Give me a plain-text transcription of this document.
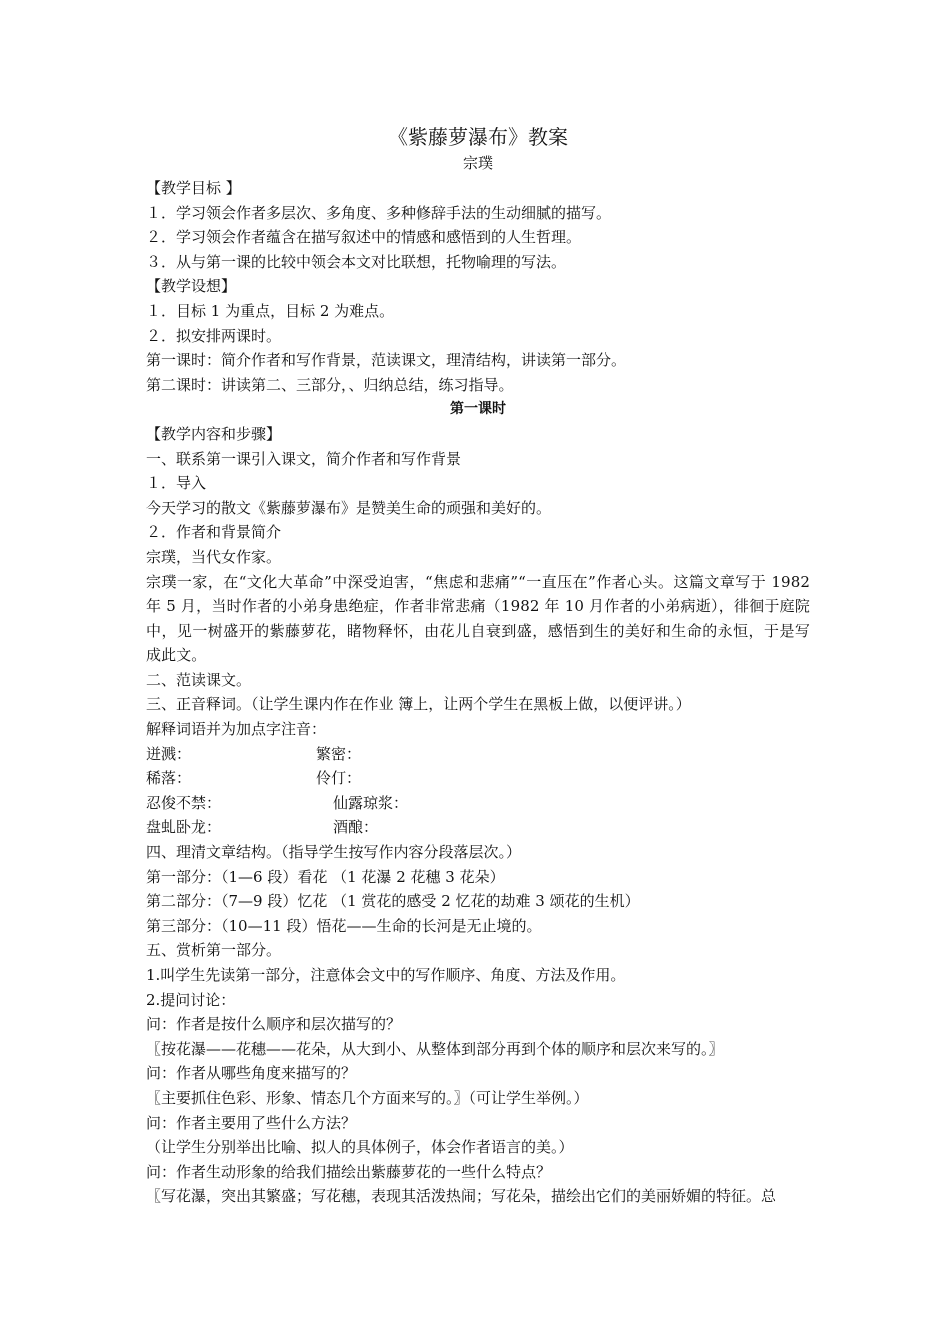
《紫藤萝瀑布》教案
宗璞
【教学目标 】
１．学习领会作者多层次、多角度、多种修辞手法的生动细腻的描写。
２．学习领会作者蕴含在描写叙述中的情感和感悟到的人生哲理。
３．从与第一课的比较中领会本文对比联想，托物喻理的写法。
【教学设想】
１．目标 1 为重点，目标 2 为难点。
２．拟安排两课时。
第一课时：简介作者和写作背景，范读课文，理清结构，讲读第一部分。
第二课时：讲读第二、三部分，、归纳总结，练习指导。
第一课时
【教学内容和步骤】
一、联系第一课引入课文，简介作者和写作背景
１．导入
今天学习的散文《紫藤萝瀑布》是赞美生命的顽强和美好的。
２．作者和背景简介
宗璞，当代女作家。
宗璞一家，在“文化大革命”中深受迫害，“焦虑和悲痛”“一直压在”作者心头。这篇文章写于 1982 年 5 月，当时作者的小弟身患绝症，作者非常悲痛（1982 年 10 月作者的小弟病逝），徘徊于庭院中，见一树盛开的紫藤萝花，睹物释怀，由花儿自衰到盛，感悟到生的美好和生命的永恒，于是写成此文。
二、范读课文。
三、正音释词。（让学生课内作在作业 簿上，让两个学生在黑板上做，以便评讲。）
解释词语并为加点字注音：
迸溅：	繁密：
稀落：	伶仃：
忍俊不禁：	仙露琼浆：
盘虬卧龙：	酒酿：
四、理清文章结构。（指导学生按写作内容分段落层次。）
第一部分：（1—6 段）看花 （1 花瀑 2 花穗 3 花朵）
第二部分：（7—9 段）忆花 （1 赏花的感受 2 忆花的劫难 3 颂花的生机）
第三部分：（10—11 段）悟花——生命的长河是无止境的。
五、赏析第一部分。
1.叫学生先读第一部分，注意体会文中的写作顺序、角度、方法及作用。
2.提问讨论：
问：作者是按什么顺序和层次描写的？
〖按花瀑——花穗——花朵，从大到小、从整体到部分再到个体的顺序和层次来写的。〗
问：作者从哪些角度来描写的？
〖主要抓住色彩、形象、情态几个方面来写的。〗（可让学生举例。）
问：作者主要用了些什么方法？
（让学生分别举出比喻、拟人的具体例子，体会作者语言的美。）
问：作者生动形象的给我们描绘出紫藤萝花的一些什么特点？
〖写花瀑，突出其繁盛；写花穗，表现其活泼热闹；写花朵，描绘出它们的美丽娇媚的特征。总
